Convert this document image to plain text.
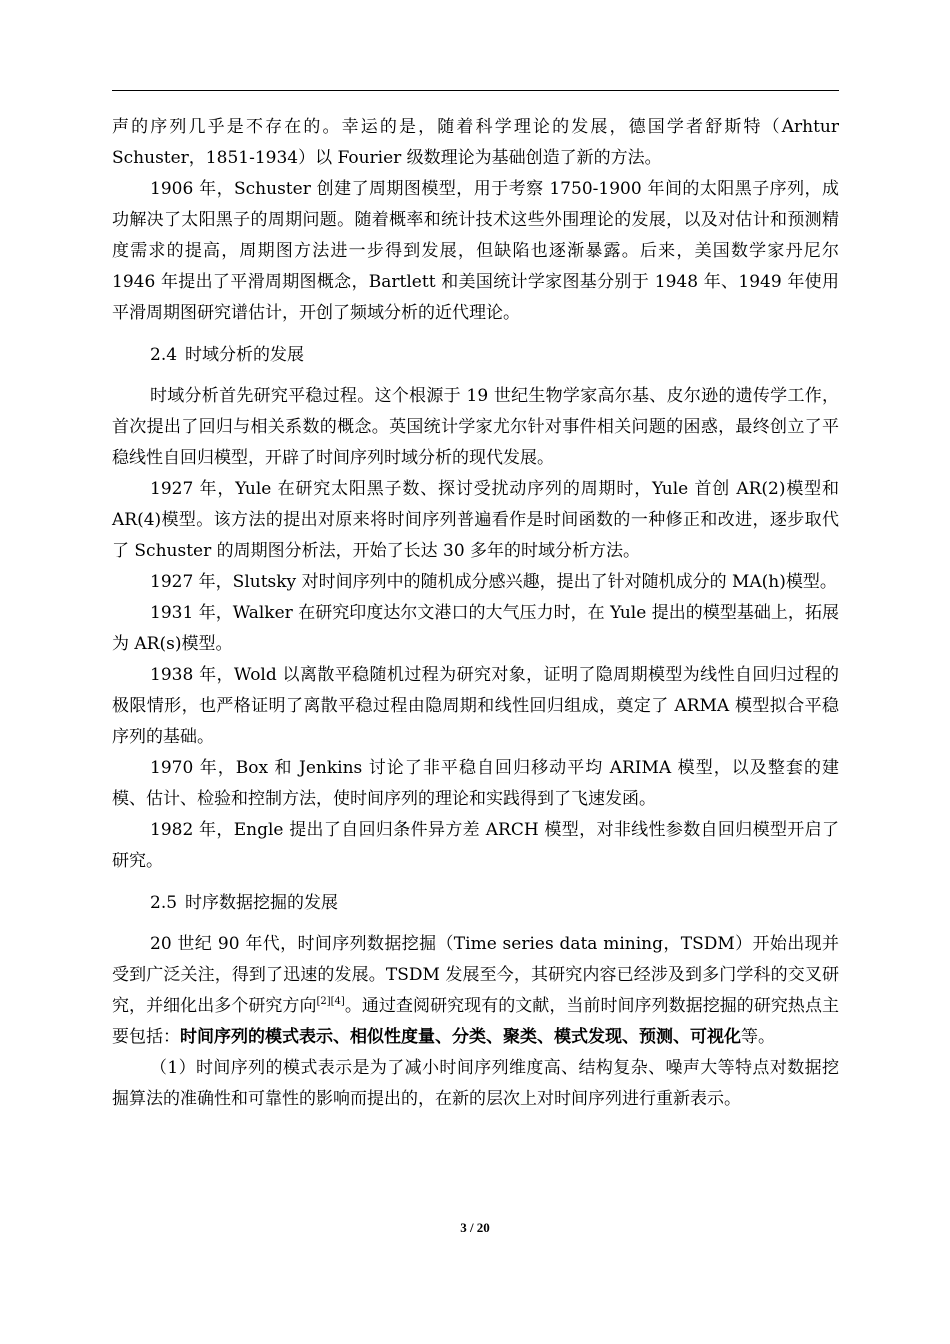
声的序列几乎是不存在的。幸运的是，随着科学理论的发展，德国学者舒斯特（Arhtur Schuster，1851-1934）以 Fourier 级数理论为基础创造了新的方法。

1906 年，Schuster 创建了周期图模型，用于考察 1750-1900 年间的太阳黑子序列，成功解决了太阳黑子的周期问题。随着概率和统计技术这些外围理论的发展，以及对估计和预测精度需求的提高，周期图方法进一步得到发展，但缺陷也逐渐暴露。后来，美国数学家丹尼尔 1946 年提出了平滑周期图概念，Bartlett 和美国统计学家图基分别于 1948 年、1949 年使用平滑周期图研究谱估计，开创了频域分析的近代理论。

2.4 时域分析的发展

时域分析首先研究平稳过程。这个根源于 19 世纪生物学家高尔基、皮尔逊的遗传学工作，首次提出了回归与相关系数的概念。英国统计学家尤尔针对事件相关问题的困惑，最终创立了平稳线性自回归模型，开辟了时间序列时域分析的现代发展。

1927 年，Yule 在研究太阳黑子数、探讨受扰动序列的周期时，Yule 首创 AR(2)模型和 AR(4)模型。该方法的提出对原来将时间序列普遍看作是时间函数的一种修正和改进，逐步取代了 Schuster 的周期图分析法，开始了长达 30 多年的时域分析方法。

1927 年，Slutsky 对时间序列中的随机成分感兴趣，提出了针对随机成分的 MA(h)模型。

1931 年，Walker 在研究印度达尔文港口的大气压力时，在 Yule 提出的模型基础上，拓展为 AR(s)模型。

1938 年，Wold 以离散平稳随机过程为研究对象，证明了隐周期模型为线性自回归过程的极限情形，也严格证明了离散平稳过程由隐周期和线性回归组成，奠定了 ARMA 模型拟合平稳序列的基础。

1970 年，Box 和 Jenkins 讨论了非平稳自回归移动平均 ARIMA 模型，以及整套的建模、估计、检验和控制方法，使时间序列的理论和实践得到了飞速发函。

1982 年，Engle 提出了自回归条件异方差 ARCH 模型，对非线性参数自回归模型开启了研究。

2.5 时序数据挖掘的发展

20 世纪 90 年代，时间序列数据挖掘（Time series data mining，TSDM）开始出现并受到广泛关注，得到了迅速的发展。TSDM 发展至今，其研究内容已经涉及到多门学科的交叉研究，并细化出多个研究方向[2][4]。通过查阅研究现有的文献，当前时间序列数据挖掘的研究热点主要包括：时间序列的模式表示、相似性度量、分类、聚类、模式发现、预测、可视化等。

（1）时间序列的模式表示是为了减小时间序列维度高、结构复杂、噪声大等特点对数据挖掘算法的准确性和可靠性的影响而提出的，在新的层次上对时间序列进行重新表示。

3 / 20
